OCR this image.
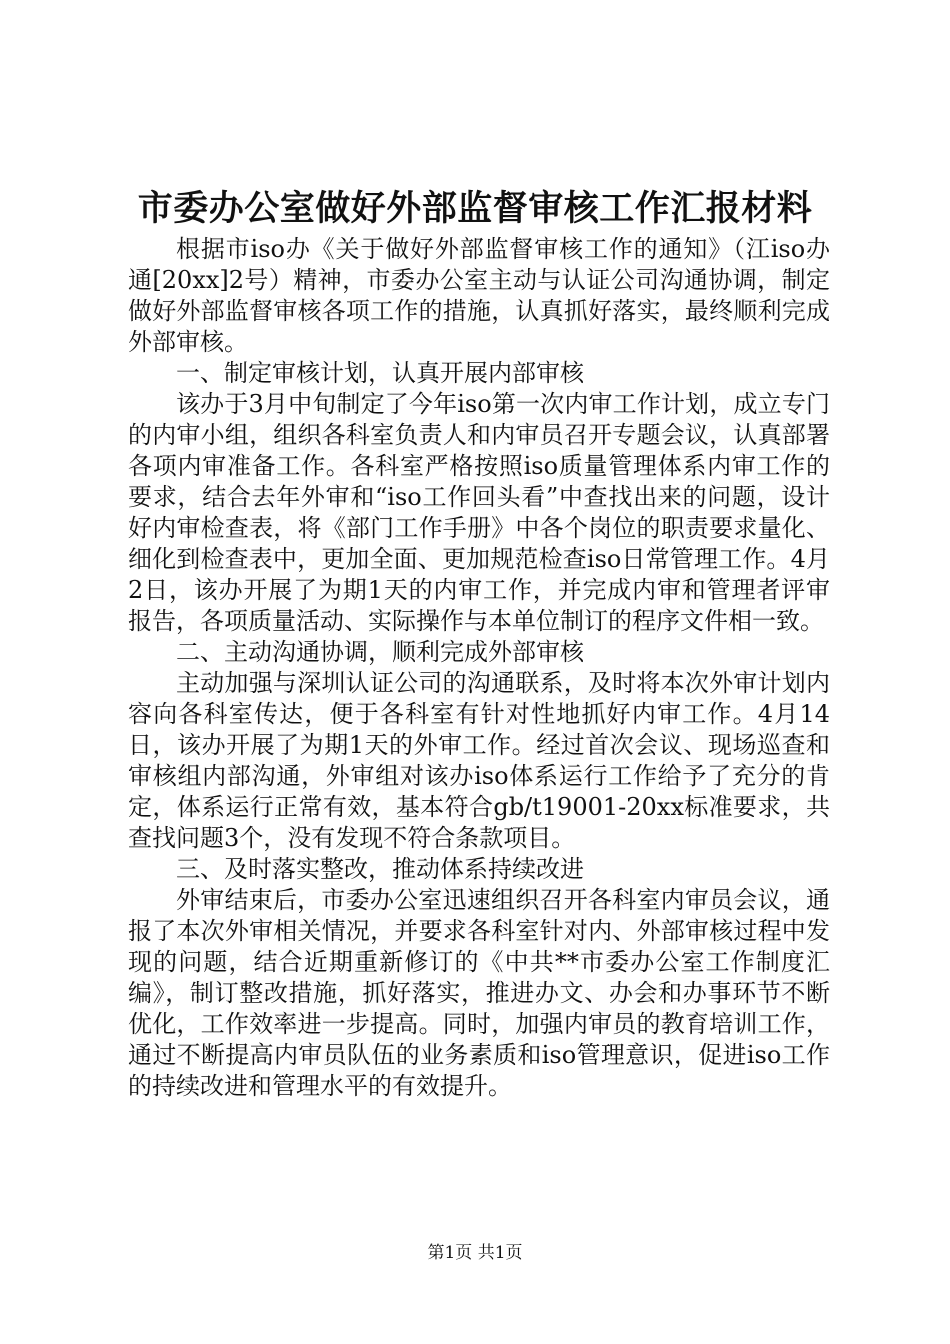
市委办公室做好外部监督审核工作汇报材料

根据市iso办《关于做好外部监督审核工作的通知》（江iso办通[20xx]2号）精神，市委办公室主动与认证公司沟通协调，制定做好外部监督审核各项工作的措施，认真抓好落实，最终顺利完成外部审核。

一、制定审核计划，认真开展内部审核

该办于3月中旬制定了今年iso第一次内审工作计划，成立专门的内审小组，组织各科室负责人和内审员召开专题会议，认真部署各项内审准备工作。各科室严格按照iso质量管理体系内审工作的要求，结合去年外审和“iso工作回头看”中查找出来的问题，设计好内审检查表，将《部门工作手册》中各个岗位的职责要求量化、细化到检查表中，更加全面、更加规范检查iso日常管理工作。4月2日，该办开展了为期1天的内审工作，并完成内审和管理者评审报告，各项质量活动、实际操作与本单位制订的程序文件相一致。

二、主动沟通协调，顺利完成外部审核

主动加强与深圳认证公司的沟通联系，及时将本次外审计划内容向各科室传达，便于各科室有针对性地抓好内审工作。4月14日，该办开展了为期1天的外审工作。经过首次会议、现场巡查和审核组内部沟通，外审组对该办iso体系运行工作给予了充分的肯定，体系运行正常有效，基本符合gb/t19001-20xx标准要求，共查找问题3个，没有发现不符合条款项目。

三、及时落实整改，推动体系持续改进

外审结束后，市委办公室迅速组织召开各科室内审员会议，通报了本次外审相关情况，并要求各科室针对内、外部审核过程中发现的问题，结合近期重新修订的《中共**市委办公室工作制度汇编》，制订整改措施，抓好落实，推进办文、办会和办事环节不断优化，工作效率进一步提高。同时，加强内审员的教育培训工作，通过不断提高内审员队伍的业务素质和iso管理意识，促进iso工作的持续改进和管理水平的有效提升。

第1页 共1页
